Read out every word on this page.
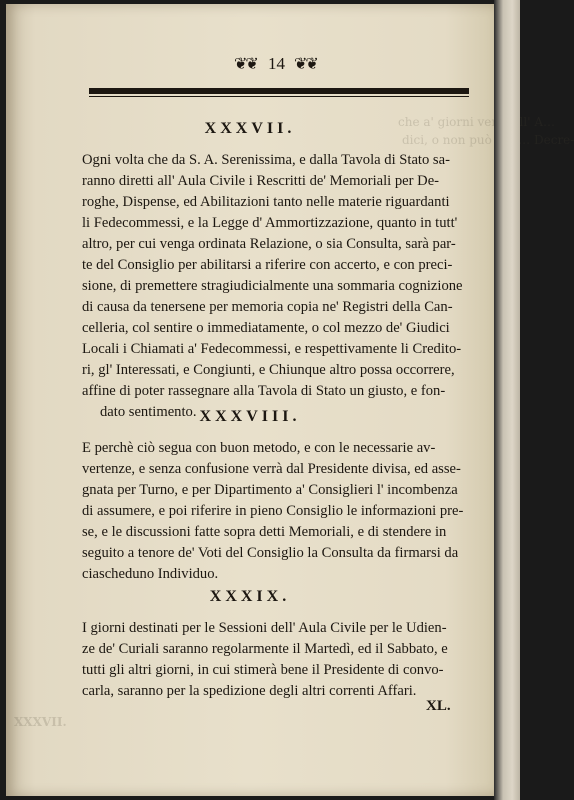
che a' giorni veri dell' A…
dici, o non può dal … Decre-
XXXVII.
❦❦ 14 ❦❦
XXXVII.
Ogni volta che da S. A. Serenissima, e dalla Tavola di Stato sa-
ranno diretti all' Aula Civile i Rescritti de' Memoriali per De-
roghe, Dispense, ed Abilitazioni tanto nelle materie riguardanti
li Fedecommessi, e la Legge d' Ammortizzazione, quanto in tutt'
altro, per cui venga ordinata Relazione, o sia Consulta, sarà par-
te del Consiglio per abilitarsi a riferire con accerto, e con preci-
sione, di premettere stragiudicialmente una sommaria cognizione
di causa da tenersene per memoria copia ne' Registri della Can-
celleria, col sentire o immediatamente, o col mezzo de' Giudici
Locali i Chiamati a' Fedecommessi, e respettivamente li Credito-
ri, gl' Interessati, e Congiunti, e Chiunque altro possa occorrere,
affine di poter rassegnare alla Tavola di Stato un giusto, e fon-
dato sentimento. XXXVIII.
E perchè ciò segua con buon metodo, e con le necessarie av-
vertenze, e senza confusione verrà dal Presidente divisa, ed asse-
gnata per Turno, e per Dipartimento a' Consiglieri l' incombenza
di assumere, e poi riferire in pieno Consiglio le informazioni pre-
se, e le discussioni fatte sopra detti Memoriali, e di stendere in
seguito a tenore de' Voti del Consiglio la Consulta da firmarsi da
ciascheduno Individuo.
XXXIX.
I giorni destinati per le Sessioni dell' Aula Civile per le Udien-
ze de' Curiali saranno regolarmente il Martedì, ed il Sabbato, e
tutti gli altri giorni, in cui stimerà bene il Presidente di convo-
carla, saranno per la spedizione degli altri correnti Affari.
XL.
